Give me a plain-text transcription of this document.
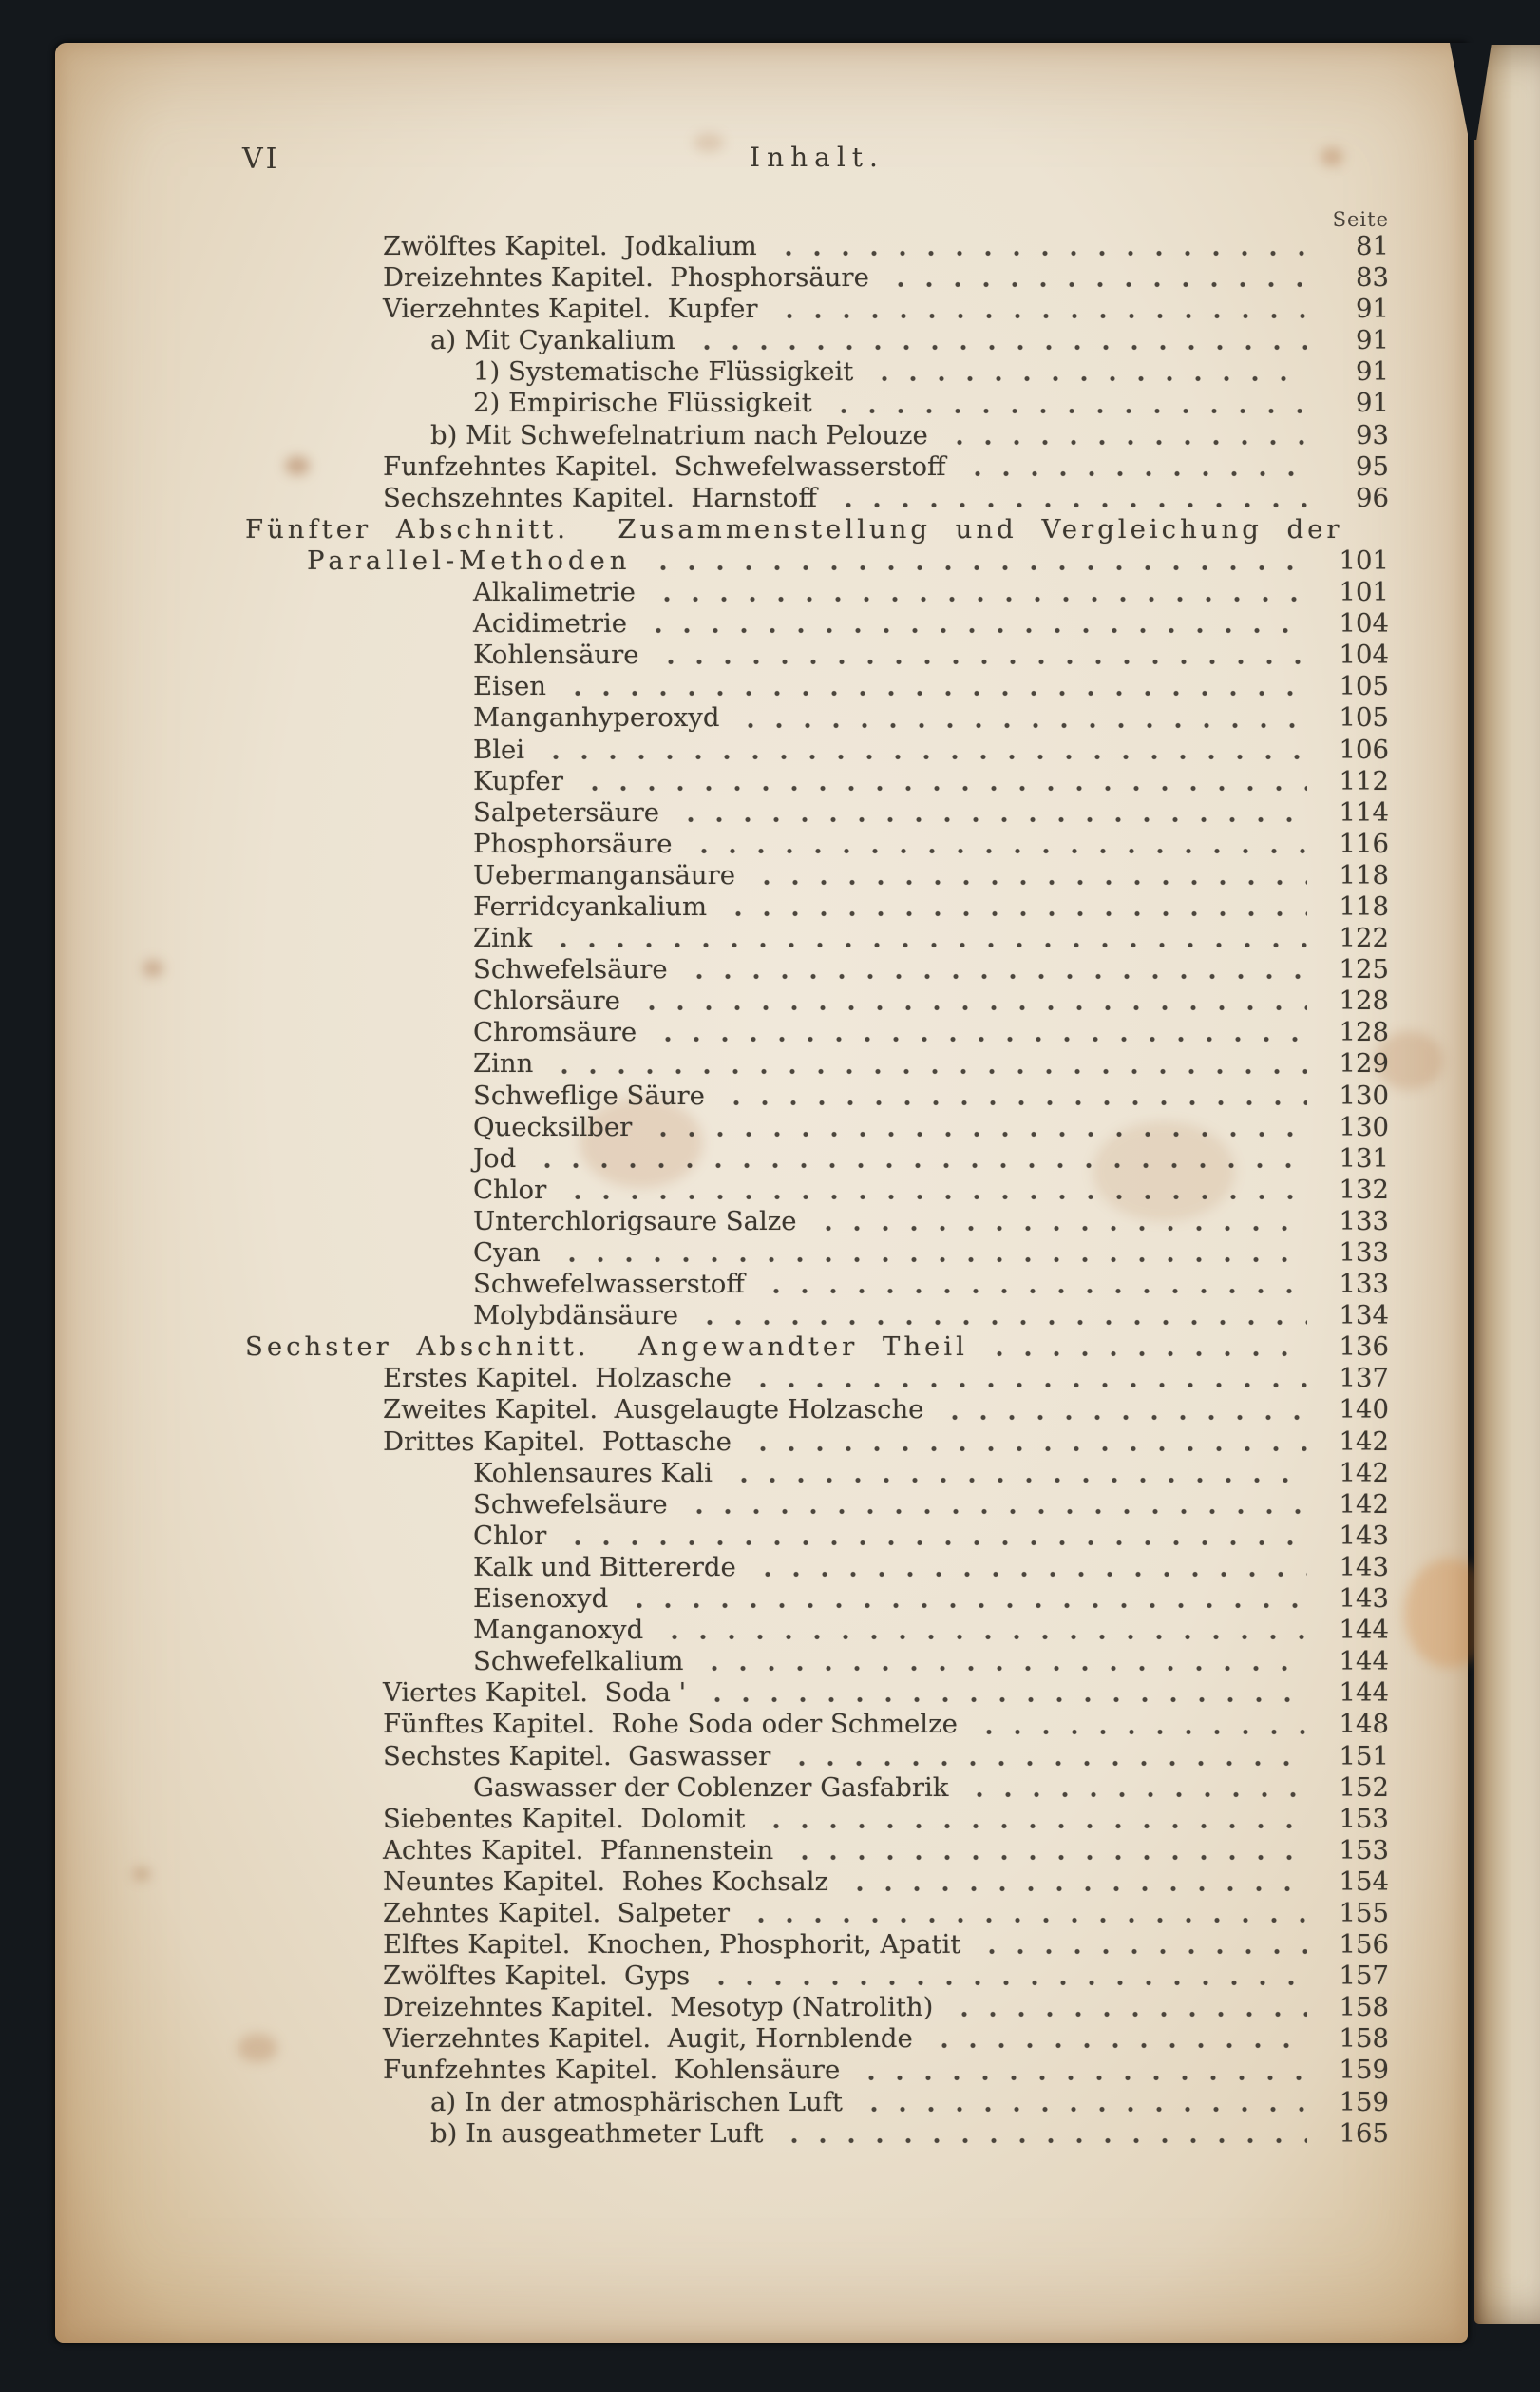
VI	Inhalt.
Seite
Zwölftes Kapitel.  Jodkalium	81
Dreizehntes Kapitel.  Phosphorsäure	83
Vierzehntes Kapitel.  Kupfer	91
a) Mit Cyankalium	91
1) Systematische Flüssigkeit	91
2) Empirische Flüssigkeit	91
b) Mit Schwefelnatrium nach Pelouze	93
Funfzehntes Kapitel.  Schwefelwasserstoff	95
Sechszehntes Kapitel.  Harnstoff	96
Fünfter Abschnitt.  Zusammenstellung und Vergleichung der
Parallel-Methoden	101
Alkalimetrie	101
Acidimetrie	104
Kohlensäure	104
Eisen	105
Manganhyperoxyd	105
Blei	106
Kupfer	112
Salpetersäure	114
Phosphorsäure	116
Uebermangansäure	118
Ferridcyankalium	118
Zink	122
Schwefelsäure	125
Chlorsäure	128
Chromsäure	128
Zinn	129
Schweflige Säure	130
Quecksilber	130
Jod	131
Chlor	132
Unterchlorigsaure Salze	133
Cyan	133
Schwefelwasserstoff	133
Molybdänsäure	134
Sechster Abschnitt.  Angewandter Theil	136
Erstes Kapitel.  Holzasche	137
Zweites Kapitel.  Ausgelaugte Holzasche	140
Drittes Kapitel.  Pottasche	142
Kohlensaures Kali	142
Schwefelsäure	142
Chlor	143
Kalk und Bittererde	143
Eisenoxyd	143
Manganoxyd	144
Schwefelkalium	144
Viertes Kapitel.  Soda '	144
Fünftes Kapitel.  Rohe Soda oder Schmelze	148
Sechstes Kapitel.  Gaswasser	151
Gaswasser der Coblenzer Gasfabrik	152
Siebentes Kapitel.  Dolomit	153
Achtes Kapitel.  Pfannenstein	153
Neuntes Kapitel.  Rohes Kochsalz	154
Zehntes Kapitel.  Salpeter	155
Elftes Kapitel.  Knochen, Phosphorit, Apatit	156
Zwölftes Kapitel.  Gyps	157
Dreizehntes Kapitel.  Mesotyp (Natrolith)	158
Vierzehntes Kapitel.  Augit, Hornblende	158
Funfzehntes Kapitel.  Kohlensäure	159
a) In der atmosphärischen Luft	159
b) In ausgeathmeter Luft	165
